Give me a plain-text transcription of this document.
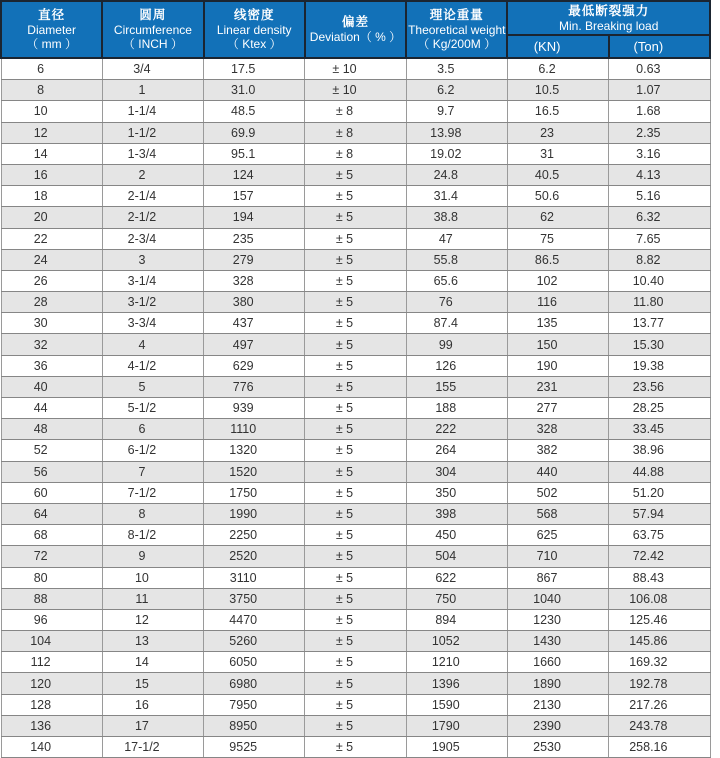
直径
Diameter
（ mm ）

圆周
Circumference
（ INCH ）

线密度
Linear density
（ Ktex ）

偏差
Deviation（ % ）

理论重量
Theoretical weight
（ Kg/200M ）

最低断裂强力
Min. Breaking load

					(KN)	(Ton)
6	3/4	17.5	± 10	3.5	6.2	0.63
8	1	31.0	± 10	6.2	10.5	1.07
10	1-1/4	48.5	± 8	9.7	16.5	1.68
12	1-1/2	69.9	± 8	13.98	23	2.35
14	1-3/4	95.1	± 8	19.02	31	3.16
16	2	124	± 5	24.8	40.5	4.13
18	2-1/4	157	± 5	31.4	50.6	5.16
20	2-1/2	194	± 5	38.8	62	6.32
22	2-3/4	235	± 5	47	75	7.65
24	3	279	± 5	55.8	86.5	8.82
26	3-1/4	328	± 5	65.6	102	10.40
28	3-1/2	380	± 5	76	116	11.80
30	3-3/4	437	± 5	87.4	135	13.77
32	4	497	± 5	99	150	15.30
36	4-1/2	629	± 5	126	190	19.38
40	5	776	± 5	155	231	23.56
44	5-1/2	939	± 5	188	277	28.25
48	6	1110	± 5	222	328	33.45
52	6-1/2	1320	± 5	264	382	38.96
56	7	1520	± 5	304	440	44.88
60	7-1/2	1750	± 5	350	502	51.20
64	8	1990	± 5	398	568	57.94
68	8-1/2	2250	± 5	450	625	63.75
72	9	2520	± 5	504	710	72.42
80	10	3110	± 5	622	867	88.43
88	11	3750	± 5	750	1040	106.08
96	12	4470	± 5	894	1230	125.46
104	13	5260	± 5	1052	1430	145.86
112	14	6050	± 5	1210	1660	169.32
120	15	6980	± 5	1396	1890	192.78
128	16	7950	± 5	1590	2130	217.26
136	17	8950	± 5	1790	2390	243.78
140	17-1/2	9525	± 5	1905	2530	258.16
